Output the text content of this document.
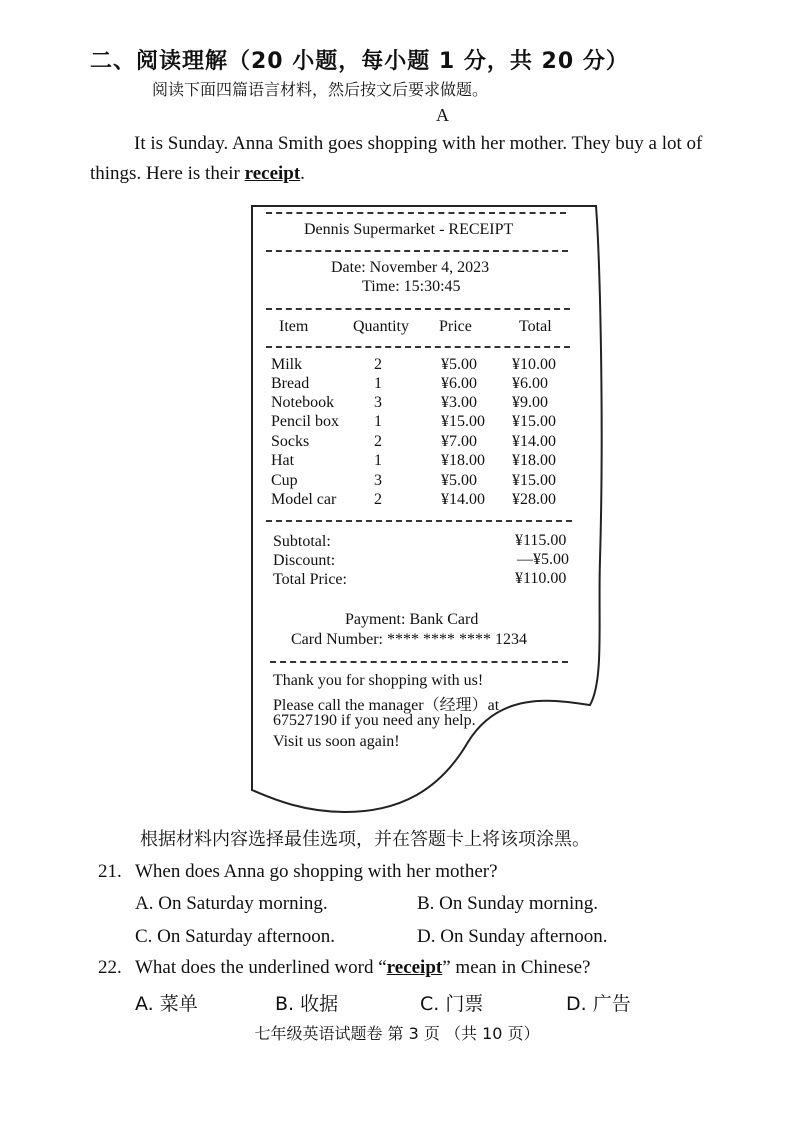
二、阅读理解（20 小题，每小题 1 分，共 20 分）
阅读下面四篇语言材料，然后按文后要求做题。
A
It is Sunday. Anna Smith goes shopping with her mother. They buy a lot of
things. Here is their receipt.
Dennis Supermarket - RECEIPT
Date: November 4, 2023
Time: 15:30:45
Item	Quantity Price	Total
Milk	2	¥5.00 ¥10.00
Bread	1	¥6.00 ¥6.00
Notebook 3	¥3.00 ¥9.00
Pencil box 1	¥15.00 ¥15.00
Socks	2	¥7.00 ¥14.00
Hat	1	¥18.00 ¥18.00
Cup	3	¥5.00 ¥15.00
Model car 2	¥14.00 ¥28.00
Subtotal:	¥115.00
Discount:	—¥5.00
Total Price:	¥110.00
Payment: Bank Card
Card Number: **** **** **** 1234
Thank you for shopping with us!
Please call the manager（经理）at
67527190 if you need any help.
Visit us soon again!
根据材料内容选择最佳选项，并在答题卡上将该项涂黑。
21. When does Anna go shopping with her mother?
A. On Saturday morning.	B. On Sunday morning.
C. On Saturday afternoon.	D. On Sunday afternoon.
22. What does the underlined word “receipt” mean in Chinese?
A. 菜单	B. 收据	C. 门票	D. 广告
七年级英语试题卷 第 3 页 （共 10 页）
